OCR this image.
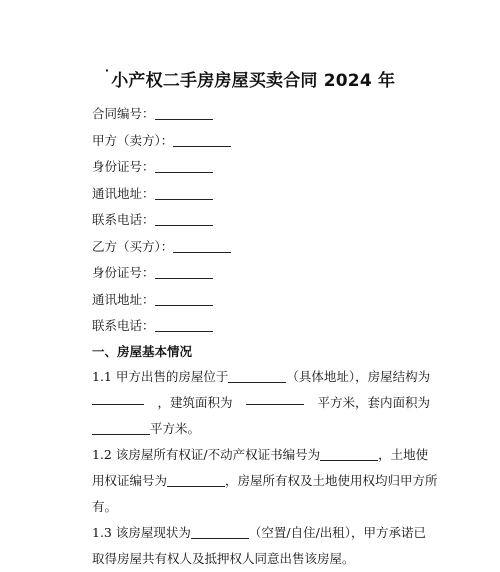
·小产权二手房房屋买卖合同 2024 年
合同编号：
甲方（卖方）：
身份证号：
通讯地址：
联系电话：
乙方（买方）：
身份证号：
通讯地址：
联系电话：
一、房屋基本情况
1.1 甲方出售的房屋位于	（具体地址），房屋结构为
，建筑面积为	平方米，套内面积为
平方米。
1.2 该房屋所有权证/不动产权证书编号为	，土地使
用权证编号为	，房屋所有权及土地使用权均归甲方所
有。
1.3 该房屋现状为	（空置/自住/出租），甲方承诺已
取得房屋共有权人及抵押权人同意出售该房屋。
